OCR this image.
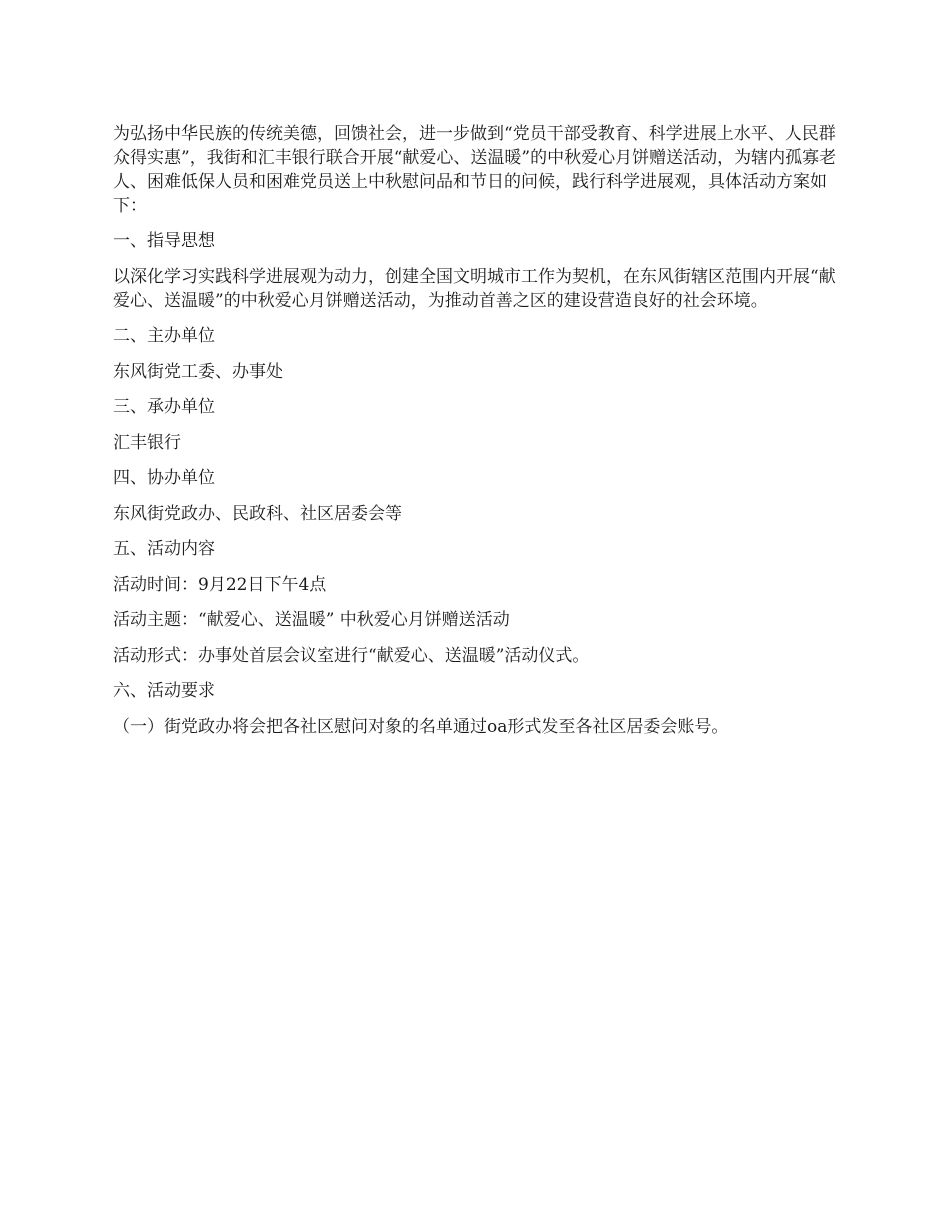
为弘扬中华民族的传统美德，回馈社会，进一步做到“党员干部受教育、科学进展上水平、人民群众得实惠”，我街和汇丰银行联合开展“献爱心、送温暖”的中秋爱心月饼赠送活动，为辖内孤寡老人、困难低保人员和困难党员送上中秋慰问品和节日的问候，践行科学进展观，具体活动方案如下：

一、指导思想

以深化学习实践科学进展观为动力，创建全国文明城市工作为契机，在东风街辖区范围内开展“献爱心、送温暖”的中秋爱心月饼赠送活动，为推动首善之区的建设营造良好的社会环境。

二、主办单位

东风街党工委、办事处

三、承办单位

汇丰银行

四、协办单位

东风街党政办、民政科、社区居委会等

五、活动内容

活动时间：9月22日下午4点

活动主题：“献爱心、送温暖” 中秋爱心月饼赠送活动

活动形式：办事处首层会议室进行“献爱心、送温暖”活动仪式。

六、活动要求

（一）街党政办将会把各社区慰问对象的名单通过oa形式发至各社区居委会账号。
